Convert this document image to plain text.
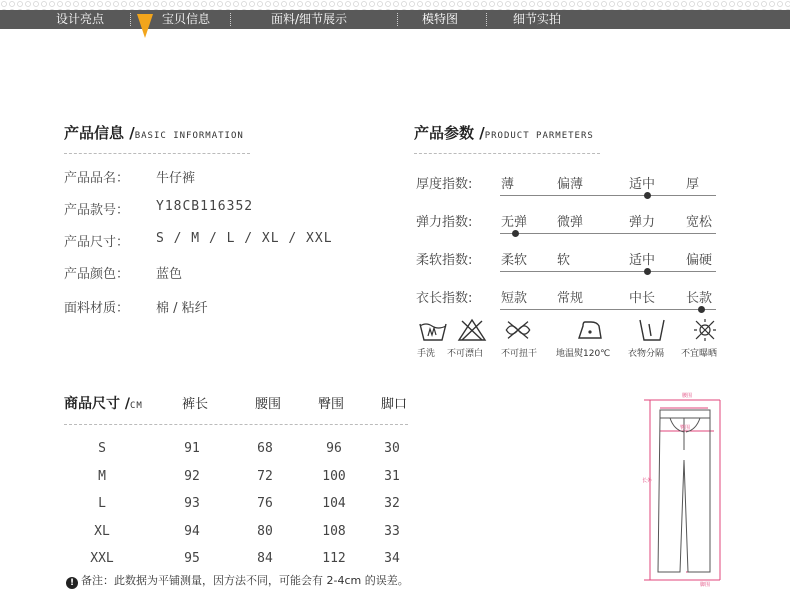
设计亮点	宝贝信息	面料/细节展示	模特图	细节实拍
产品信息 /BASIC INFORMATION
产品品名： 牛仔裤
产品款号： Y18CB116352
产品尺寸： S / M / L / XL / XXL
产品颜色： 蓝色
面料材质： 棉 / 粘纤
产品参数 /PRODUCT PARMETERS
厚度指数: 薄	偏薄	适中 厚
弹力指数: 无弹 微弹	弹力 宽松
柔软指数: 柔软 软	适中 偏硬
衣长指数: 短款 常规	中长 长款
手洗 不可漂白 不可扭干 地温熨120℃ 衣物分隔 不宜曝晒
商品尺寸 /CM	裤长	腰围	臀围	脚口
S	91	68	96	30
M	92	72	100	31
L	93	76	104	32
XL	94	80	108	33
XXL	95	84	112	34
! 备注：此数据为平铺测量，因方法不同，可能会有 2-4cm 的误差。
腰围
臀围
长外
脚围
